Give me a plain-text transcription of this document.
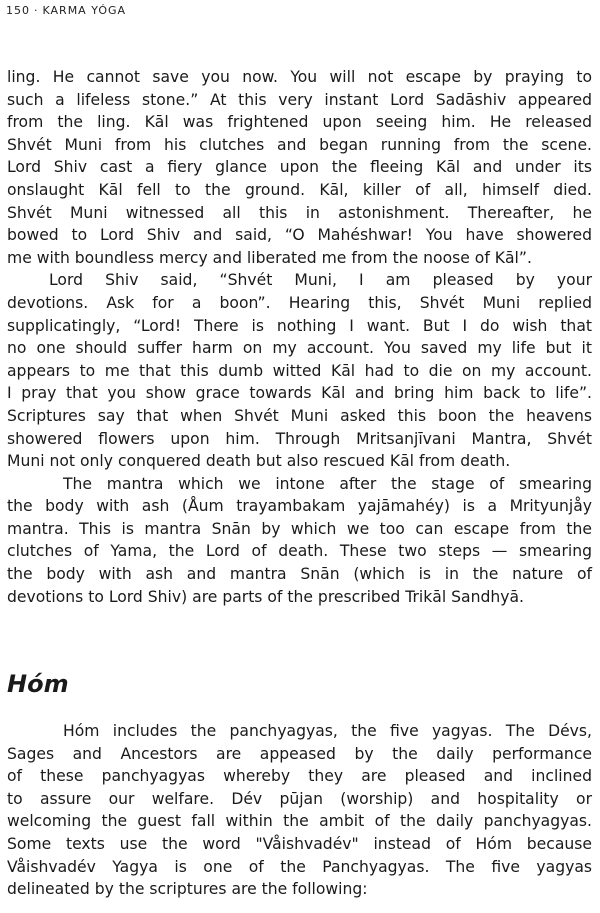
150 · KARMA YÓGA

ling. He cannot save you now. You will not escape by praying to
such a lifeless stone.” At this very instant Lord Sadāshiv appeared
from the ling. Kāl was frightened upon seeing him. He released
Shvét Muni from his clutches and began running from the scene.
Lord Shiv cast a fiery glance upon the fleeing Kāl and under its
onslaught Kāl fell to the ground. Kāl, killer of all, himself died.
Shvét Muni witnessed all this in astonishment. Thereafter, he
bowed to Lord Shiv and said, “O Mahéshwar! You have showered
me with boundless mercy and liberated me from the noose of Kāl”.

Lord Shiv said, “Shvét Muni, I am pleased by your
devotions. Ask for a boon”. Hearing this, Shvét Muni replied
supplicatingly, “Lord! There is nothing I want. But I do wish that
no one should suffer harm on my account. You saved my life but it
appears to me that this dumb witted Kāl had to die on my account.
I pray that you show grace towards Kāl and bring him back to life”.
Scriptures say that when Shvét Muni asked this boon the heavens
showered flowers upon him. Through Mritsanjīvani Mantra, Shvét
Muni not only conquered death but also rescued Kāl from death.

The mantra which we intone after the stage of smearing
the body with ash (Åum trayambakam yajāmahéy) is a Mrityunjåy
mantra. This is mantra Snān by which we too can escape from the
clutches of Yama, the Lord of death. These two steps — smearing
the body with ash and mantra Snān (which is in the nature of
devotions to Lord Shiv) are parts of the prescribed Trikāl Sandhyā.

Hóm

Hóm includes the panchyagyas, the five yagyas. The Dévs,
Sages and Ancestors are appeased by the daily performance
of these panchyagyas whereby they are pleased and inclined
to assure our welfare. Dév pūjan (worship) and hospitality or
welcoming the guest fall within the ambit of the daily panchyagyas.
Some texts use the word "Våishvadév" instead of Hóm because
Våishvadév Yagya is one of the Panchyagyas. The five yagyas
delineated by the scriptures are the following:
